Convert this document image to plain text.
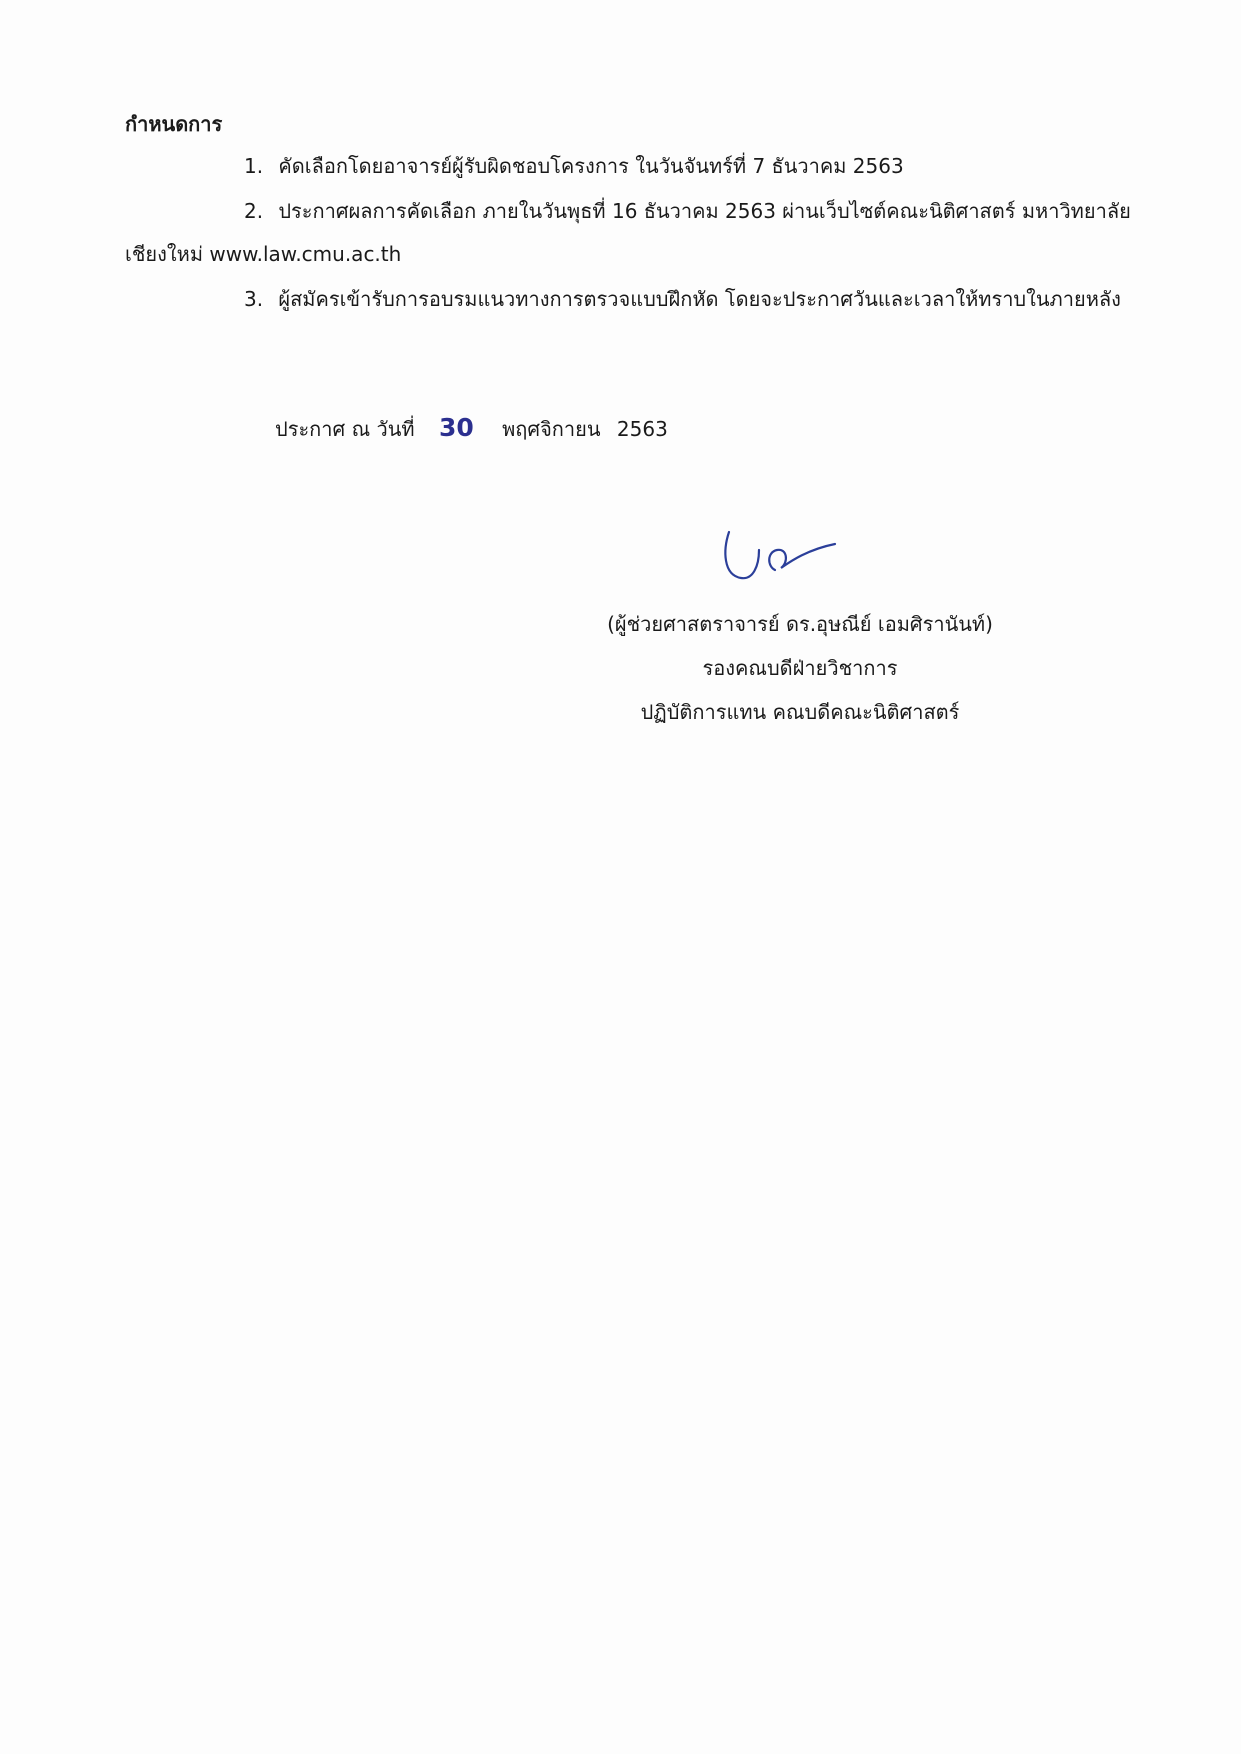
กำหนดการ
1. คัดเลือกโดยอาจารย์ผู้รับผิดชอบโครงการ ในวันจันทร์ที่ 7 ธันวาคม 2563
2. ประกาศผลการคัดเลือก ภายในวันพุธที่ 16 ธันวาคม 2563 ผ่านเว็บไซต์คณะนิติศาสตร์ มหาวิทยาลัย
เชียงใหม่ www.law.cmu.ac.th
3. ผู้สมัครเข้ารับการอบรมแนวทางการตรวจแบบฝึกหัด โดยจะประกาศวันและเวลาให้ทราบในภายหลัง
ประกาศ ณ วันที่ 30 พฤศจิกายน 2563
(ผู้ช่วยศาสตราจารย์ ดร.อุษณีย์ เอมศิรานันท์)
รองคณบดีฝ่ายวิชาการ
ปฏิบัติการแทน คณบดีคณะนิติศาสตร์
